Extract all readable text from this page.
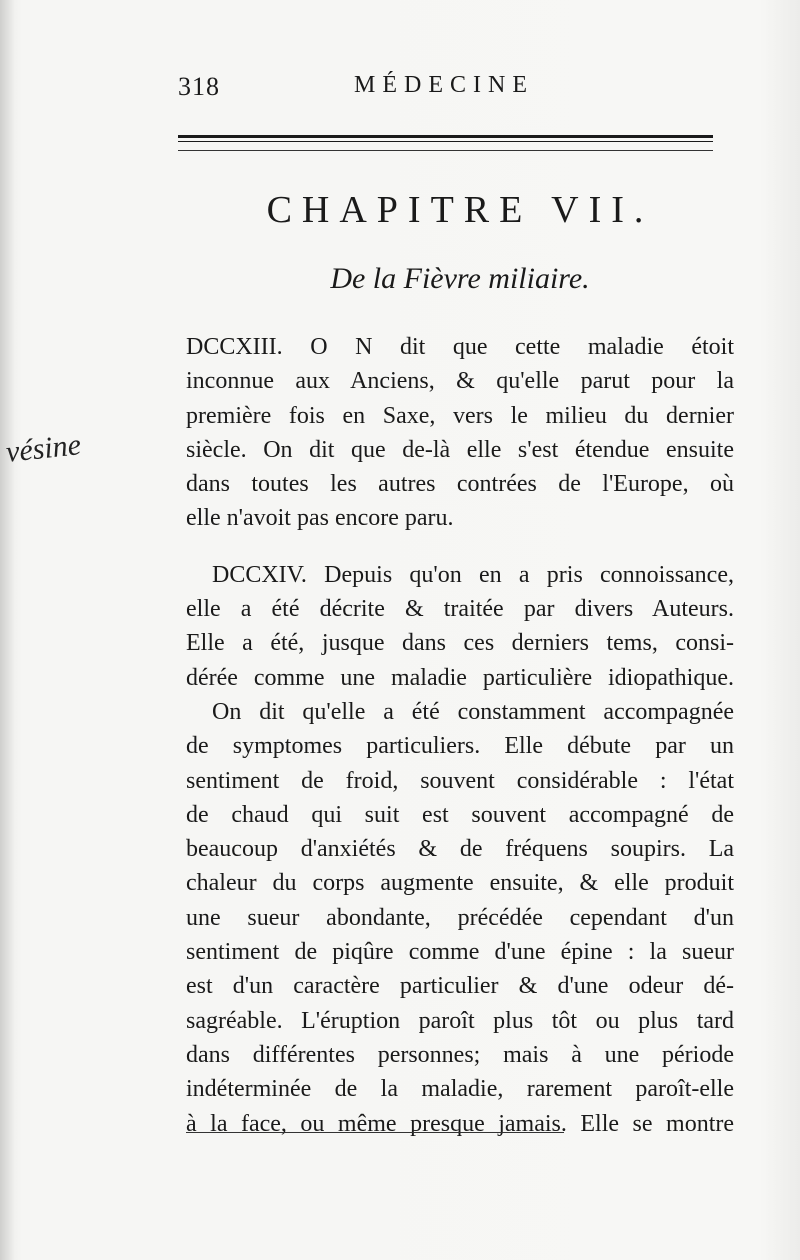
318	MÉDECINE
CHAPITRE VII.
De la Fièvre miliaire.
vésine
DCCXIII. O N dit que cette maladie étoit
inconnue aux Anciens, & qu'elle parut pour la
première fois en Saxe, vers le milieu du dernier
siècle. On dit que de-là elle s'est étendue ensuite
dans toutes les autres contrées de l'Europe, où
elle n'avoit pas encore paru.
DCCXIV. Depuis qu'on en a pris connoissance,
elle a été décrite & traitée par divers Auteurs.
Elle a été, jusque dans ces derniers tems, consi-
dérée comme une maladie particulière idiopathique.
On dit qu'elle a été constamment accompagnée
de symptomes particuliers. Elle débute par un
sentiment de froid, souvent considérable : l'état
de chaud qui suit est souvent accompagné de
beaucoup d'anxiétés & de fréquens soupirs. La
chaleur du corps augmente ensuite, & elle produit
une sueur abondante, précédée cependant d'un
sentiment de piqûre comme d'une épine : la sueur
est d'un caractère particulier & d'une odeur dé-
sagréable. L'éruption paroît plus tôt ou plus tard
dans différentes personnes; mais à une période
indéterminée de la maladie, rarement paroît-elle
à la face, ou même presque jamais. Elle se montre
